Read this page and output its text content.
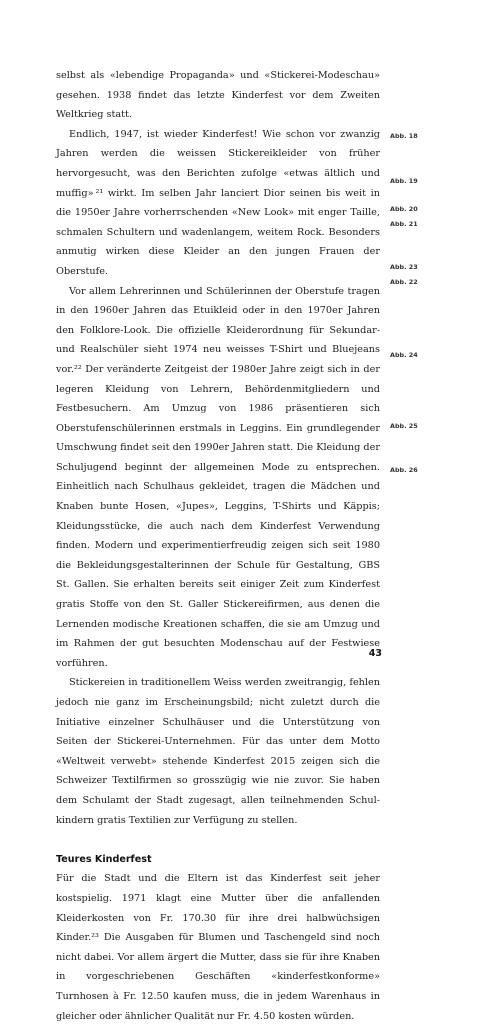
selbst als «lebendige Propaganda» und «Stickerei-Modeschau» gesehen. 1938 findet das letzte Kinderfest vor dem Zweiten Weltkrieg statt.

Endlich, 1947, ist wieder Kinderfest! Wie schon vor zwanzig Jahren werden die weissen Stickereikleider von früher hervorgesucht, was den Berichten zufolge «etwas ältlich und muffig» ²¹ wirkt. Im selben Jahr lanciert Dior seinen bis weit in die 1950er Jahre vorherrschenden «New Look» mit enger Taille, schmalen Schultern und wadenlangem, weitem Rock. Besonders anmutig wirken diese Kleider an den jungen Frauen der Oberstufe.

Vor allem Lehrerinnen und Schülerinnen der Oberstufe tragen in den 1960er Jahren das Etuikleid oder in den 1970er Jahren den Folklore-Look. Die offizielle Kleiderordnung für Sekundar- und Realschüler sieht 1974 neu weisses T-Shirt und Bluejeans vor.²² Der veränderte Zeitgeist der 1980er Jahre zeigt sich in der legeren Kleidung von Lehrern, Behördenmitgliedern und Festbesuchern. Am Umzug von 1986 präsentieren sich Oberstufenschülerinnen erstmals in Leggins. Ein grundlegender Umschwung findet seit den 1990er Jahren statt. Die Kleidung der Schuljugend beginnt der allgemeinen Mode zu entsprechen. Einheitlich nach Schulhaus gekleidet, tragen die Mädchen und Knaben bunte Hosen, «Jupes», Leggins, T-Shirts und Käppis; Kleidungsstücke, die auch nach dem Kinderfest Verwendung finden. Modern und experimentierfreudig zeigen sich seit 1980 die Bekleidungsgestalterinnen der Schule für Gestaltung, GBS St. Gallen. Sie erhalten bereits seit einiger Zeit zum Kinderfest gratis Stoffe von den St. Galler Stickereifirmen, aus denen die Lernenden modische Kreationen schaffen, die sie am Umzug und im Rahmen der gut besuchten Modenschau auf der Festwiese vorführen.

Stickereien in traditionellem Weiss werden zweitrangig, fehlen jedoch nie ganz im Erscheinungsbild; nicht zuletzt durch die Initiative einzelner Schulhäuser und die Unterstützung von Seiten der Stickerei-Unternehmen. Für das unter dem Motto «Weltweit verwebt» stehende Kinderfest 2015 zeigen sich die Schweizer Textilfirmen so grosszügig wie nie zuvor. Sie haben dem Schulamt der Stadt zugesagt, allen teilnehmenden Schulkindern gratis Textilien zur Verfügung zu stellen.

Teures Kinderfest

Für die Stadt und die Eltern ist das Kinderfest seit jeher kostspielig. 1971 klagt eine Mutter über die anfallenden Kleiderkosten von Fr. 170.30 für ihre drei halbwüchsigen Kinder.²³ Die Ausgaben für Blumen und Taschengeld sind noch nicht dabei. Vor allem ärgert die Mutter, dass sie für ihre Knaben in vorgeschriebenen Geschäften «kinderfestkonforme» Turnhosen à Fr. 12.50 kaufen muss, die in jedem Warenhaus in gleicher oder ähnlicher Qualität nur Fr. 4.50 kosten würden.

Abb. 18
Abb. 19
Abb. 20
Abb. 21
Abb. 23
Abb. 22
Abb. 24
Abb. 25
Abb. 26
43
